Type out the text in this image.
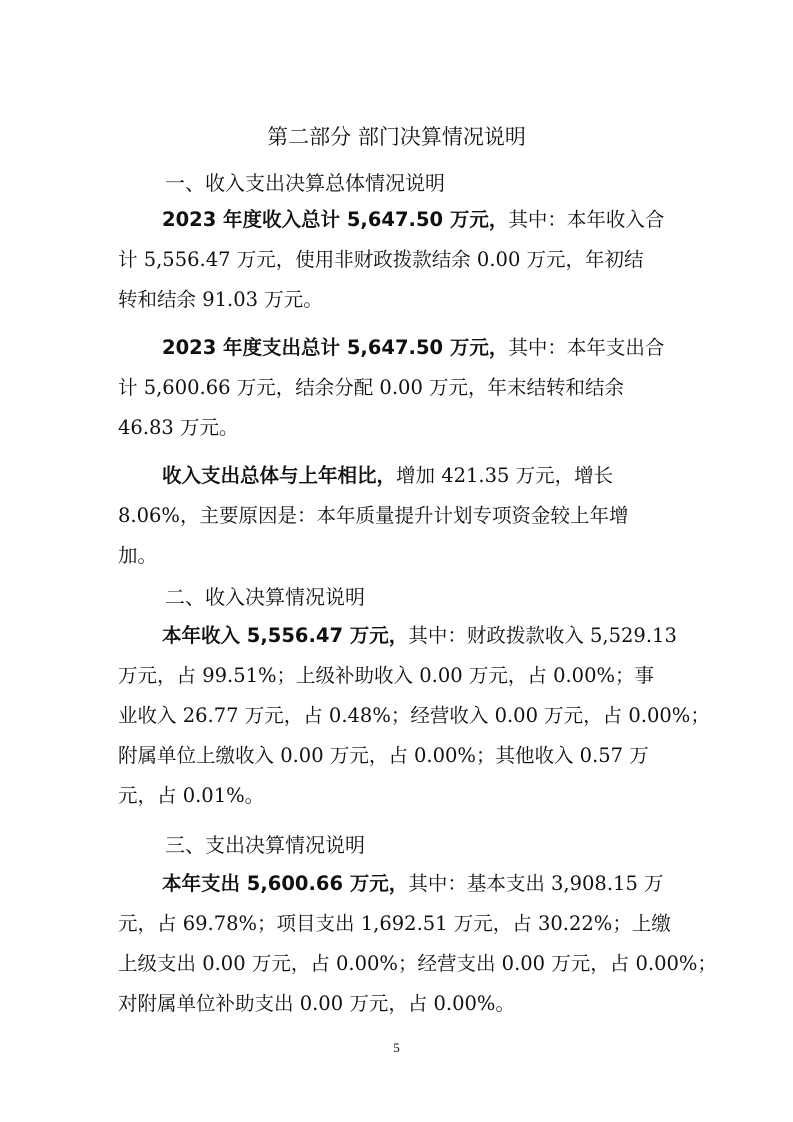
第二部分 部门决算情况说明
一、收入支出决算总体情况说明
2023 年度收入总计 5,647.50 万元，其中：本年收入合
计 5,556.47 万元，使用非财政拨款结余 0.00 万元，年初结
转和结余 91.03 万元。
2023 年度支出总计 5,647.50 万元，其中：本年支出合
计 5,600.66 万元，结余分配 0.00 万元，年末结转和结余
46.83 万元。
收入支出总体与上年相比，增加 421.35 万元，增长
8.06%，主要原因是：本年质量提升计划专项资金较上年增
加。
二、收入决算情况说明
本年收入 5,556.47 万元，其中：财政拨款收入 5,529.13
万元，占 99.51%；上级补助收入 0.00 万元，占 0.00%；事
业收入 26.77 万元，占 0.48%；经营收入 0.00 万元，占 0.00%；
附属单位上缴收入 0.00 万元，占 0.00%；其他收入 0.57 万
元，占 0.01%。
三、支出决算情况说明
本年支出 5,600.66 万元，其中：基本支出 3,908.15 万
元，占 69.78%；项目支出 1,692.51 万元，占 30.22%；上缴
上级支出 0.00 万元，占 0.00%；经营支出 0.00 万元，占 0.00%；
对附属单位补助支出 0.00 万元，占 0.00%。
5
